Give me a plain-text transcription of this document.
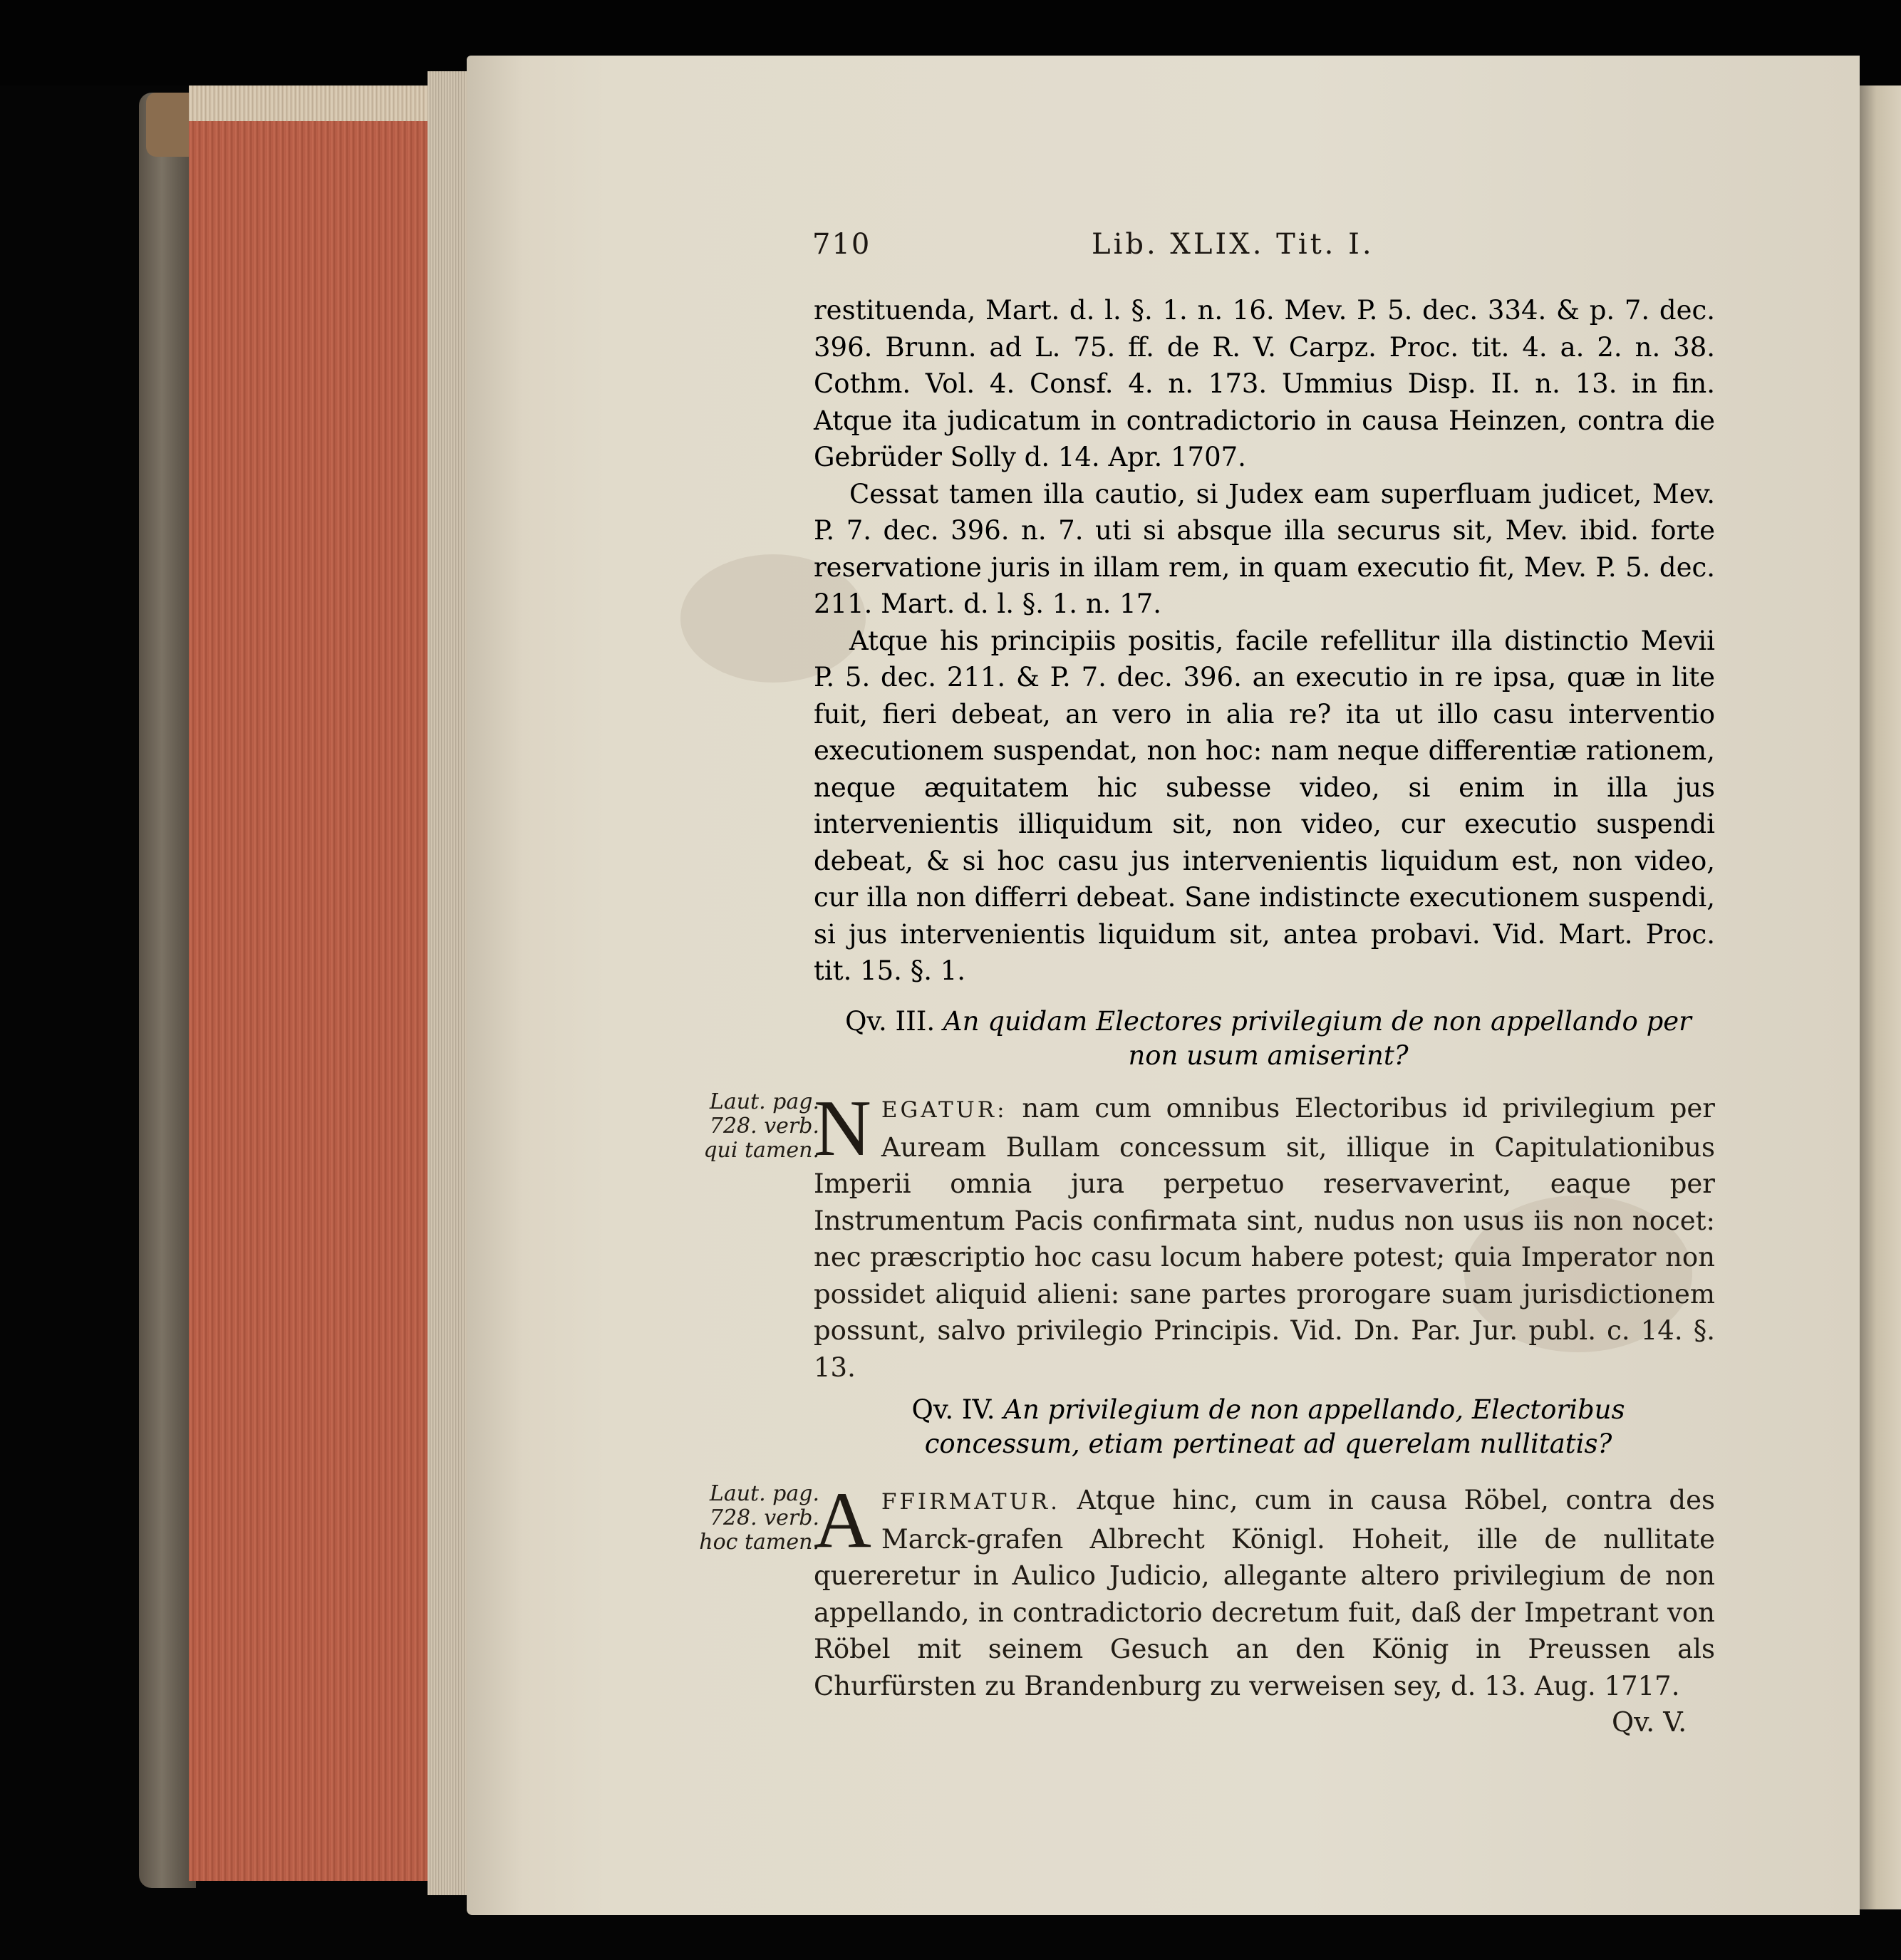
710	Lib. XLIX. Tit. I.

restituenda, Mart. d. l. §. 1. n. 16. Mev. P. 5. dec. 334. & p. 7. dec. 396. Brunn. ad L. 75. ff. de R. V. Carpz. Proc. tit. 4. a. 2. n. 38. Cothm. Vol. 4. Consf. 4. n. 173. Ummius Disp. II. n. 13. in fin. Atque ita judicatum in contradictorio in causa Heinzen, contra die Gebrüder Solly d. 14. Apr. 1707.

Cessat tamen illa cautio, si Judex eam superfluam judicet, Mev. P. 7. dec. 396. n. 7. uti si absque illa securus sit, Mev. ibid. forte reservatione juris in illam rem, in quam executio fit, Mev. P. 5. dec. 211. Mart. d. l. §. 1. n. 17.

Atque his principiis positis, facile refellitur illa distinctio Mevii P. 5. dec. 211. & P. 7. dec. 396. an executio in re ipsa, quæ in lite fuit, fieri debeat, an vero in alia re? ita ut illo casu interventio executionem suspendat, non hoc: nam neque differentiæ rationem, neque æquitatem hic subesse video, si enim in illa jus intervenientis illiquidum sit, non video, cur executio suspendi debeat, & si hoc casu jus intervenientis liquidum est, non video, cur illa non differri debeat. Sane indistincte executionem suspendi, si jus intervenientis liquidum sit, antea probavi. Vid. Mart. Proc. tit. 15. §. 1.

Qv. III. An quidam Electores privilegium de non appellando per non usum amiserint?
Laut. pag. 728. verb. qui tamen.
N EGATUR: nam cum omnibus Electoribus id privilegium per Auream Bullam concessum sit, illique in Capitulationibus Imperii omnia jura perpetuo reservaverint, eaque per Instrumentum Pacis confirmata sint, nudus non usus iis non nocet: nec præscriptio hoc casu locum habere potest; quia Imperator non possidet aliquid alieni: sane partes prorogare suam jurisdictionem possunt, salvo privilegio Principis. Vid. Dn. Par. Jur. publ. c. 14. §. 13.
Qv. IV. An privilegium de non appellando, Electoribus concessum, etiam pertineat ad querelam nullitatis?
Laut. pag. 728. verb. hoc tamen.
A FFIRMATUR. Atque hinc, cum in causa Röbel, contra des Marck-grafen Albrecht Königl. Hoheit, ille de nullitate quereretur in Aulico Judicio, allegante altero privilegium de non appellando, in contradictorio decretum fuit, daß der Impetrant von Röbel mit seinem Gesuch an den König in Preussen als Churfürsten zu Brandenburg zu verweisen sey, d. 13. Aug. 1717.
Qv. V.
